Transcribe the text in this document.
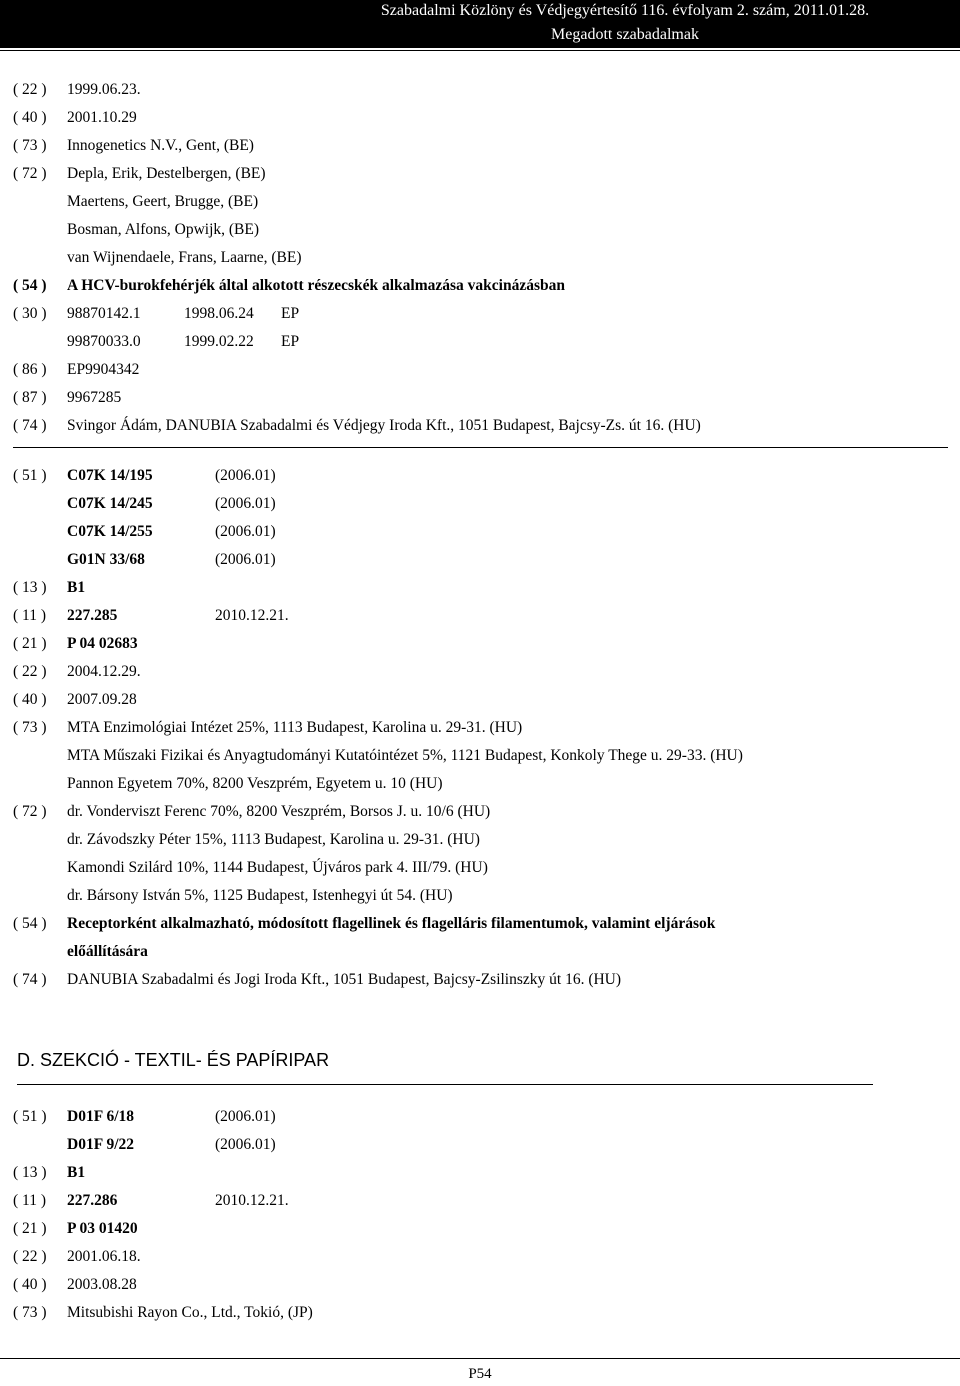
Szabadalmi Közlöny és Védjegyértesítő 116. évfolyam 2. szám, 2011.01.28.
Megadott szabadalmak
( 22 )	1999.06.23.
( 40 )	2001.10.29
( 73 )	Innogenetics N.V., Gent, (BE)
( 72 )	Depla, Erik, Destelbergen, (BE)
Maertens, Geert, Brugge, (BE)
Bosman, Alfons, Opwijk, (BE)
van Wijnendaele, Frans, Laarne, (BE)
( 54 )	A HCV-burokfehérjék által alkotott részecskék alkalmazása vakcinázásban
( 30 )	98870142.1	1998.06.24 EP
99870033.0	1999.02.22 EP
( 86 )	EP9904342
( 87 )	9967285
( 74 )	Svingor Ádám, DANUBIA Szabadalmi és Védjegy Iroda Kft., 1051 Budapest, Bajcsy-Zs. út 16. (HU)
( 51 )	C07K 14/195	(2006.01)
C07K 14/245	(2006.01)
C07K 14/255	(2006.01)
G01N 33/68	(2006.01)
( 13 )	B1
( 11 )	227.285	2010.12.21.
( 21 )	P 04 02683
( 22 )	2004.12.29.
( 40 )	2007.09.28
( 73 )	MTA Enzimológiai Intézet 25%, 1113 Budapest, Karolina u. 29-31. (HU)
MTA Műszaki Fizikai és Anyagtudományi Kutatóintézet 5%, 1121 Budapest, Konkoly Thege u. 29-33. (HU)
Pannon Egyetem 70%, 8200 Veszprém, Egyetem u. 10 (HU)
( 72 )	dr. Vonderviszt Ferenc 70%, 8200 Veszprém, Borsos J. u. 10/6 (HU)
dr. Závodszky Péter 15%, 1113 Budapest, Karolina u. 29-31. (HU)
Kamondi Szilárd 10%, 1144 Budapest, Újváros park 4. III/79. (HU)
dr. Bársony István 5%, 1125 Budapest, Istenhegyi út 54. (HU)
( 54 )	Receptorként alkalmazható, módosított flagellinek és flagelláris filamentumok, valamint eljárások
előállítására
( 74 )	DANUBIA Szabadalmi és Jogi Iroda Kft., 1051 Budapest, Bajcsy-Zsilinszky út 16. (HU)
D. SZEKCIÓ - TEXTIL- ÉS PAPÍRIPAR
( 51 )	D01F 6/18	(2006.01)
D01F 9/22	(2006.01)
( 13 )	B1
( 11 )	227.286	2010.12.21.
( 21 )	P 03 01420
( 22 )	2001.06.18.
( 40 )	2003.08.28
( 73 )	Mitsubishi Rayon Co., Ltd., Tokió, (JP)
P54
